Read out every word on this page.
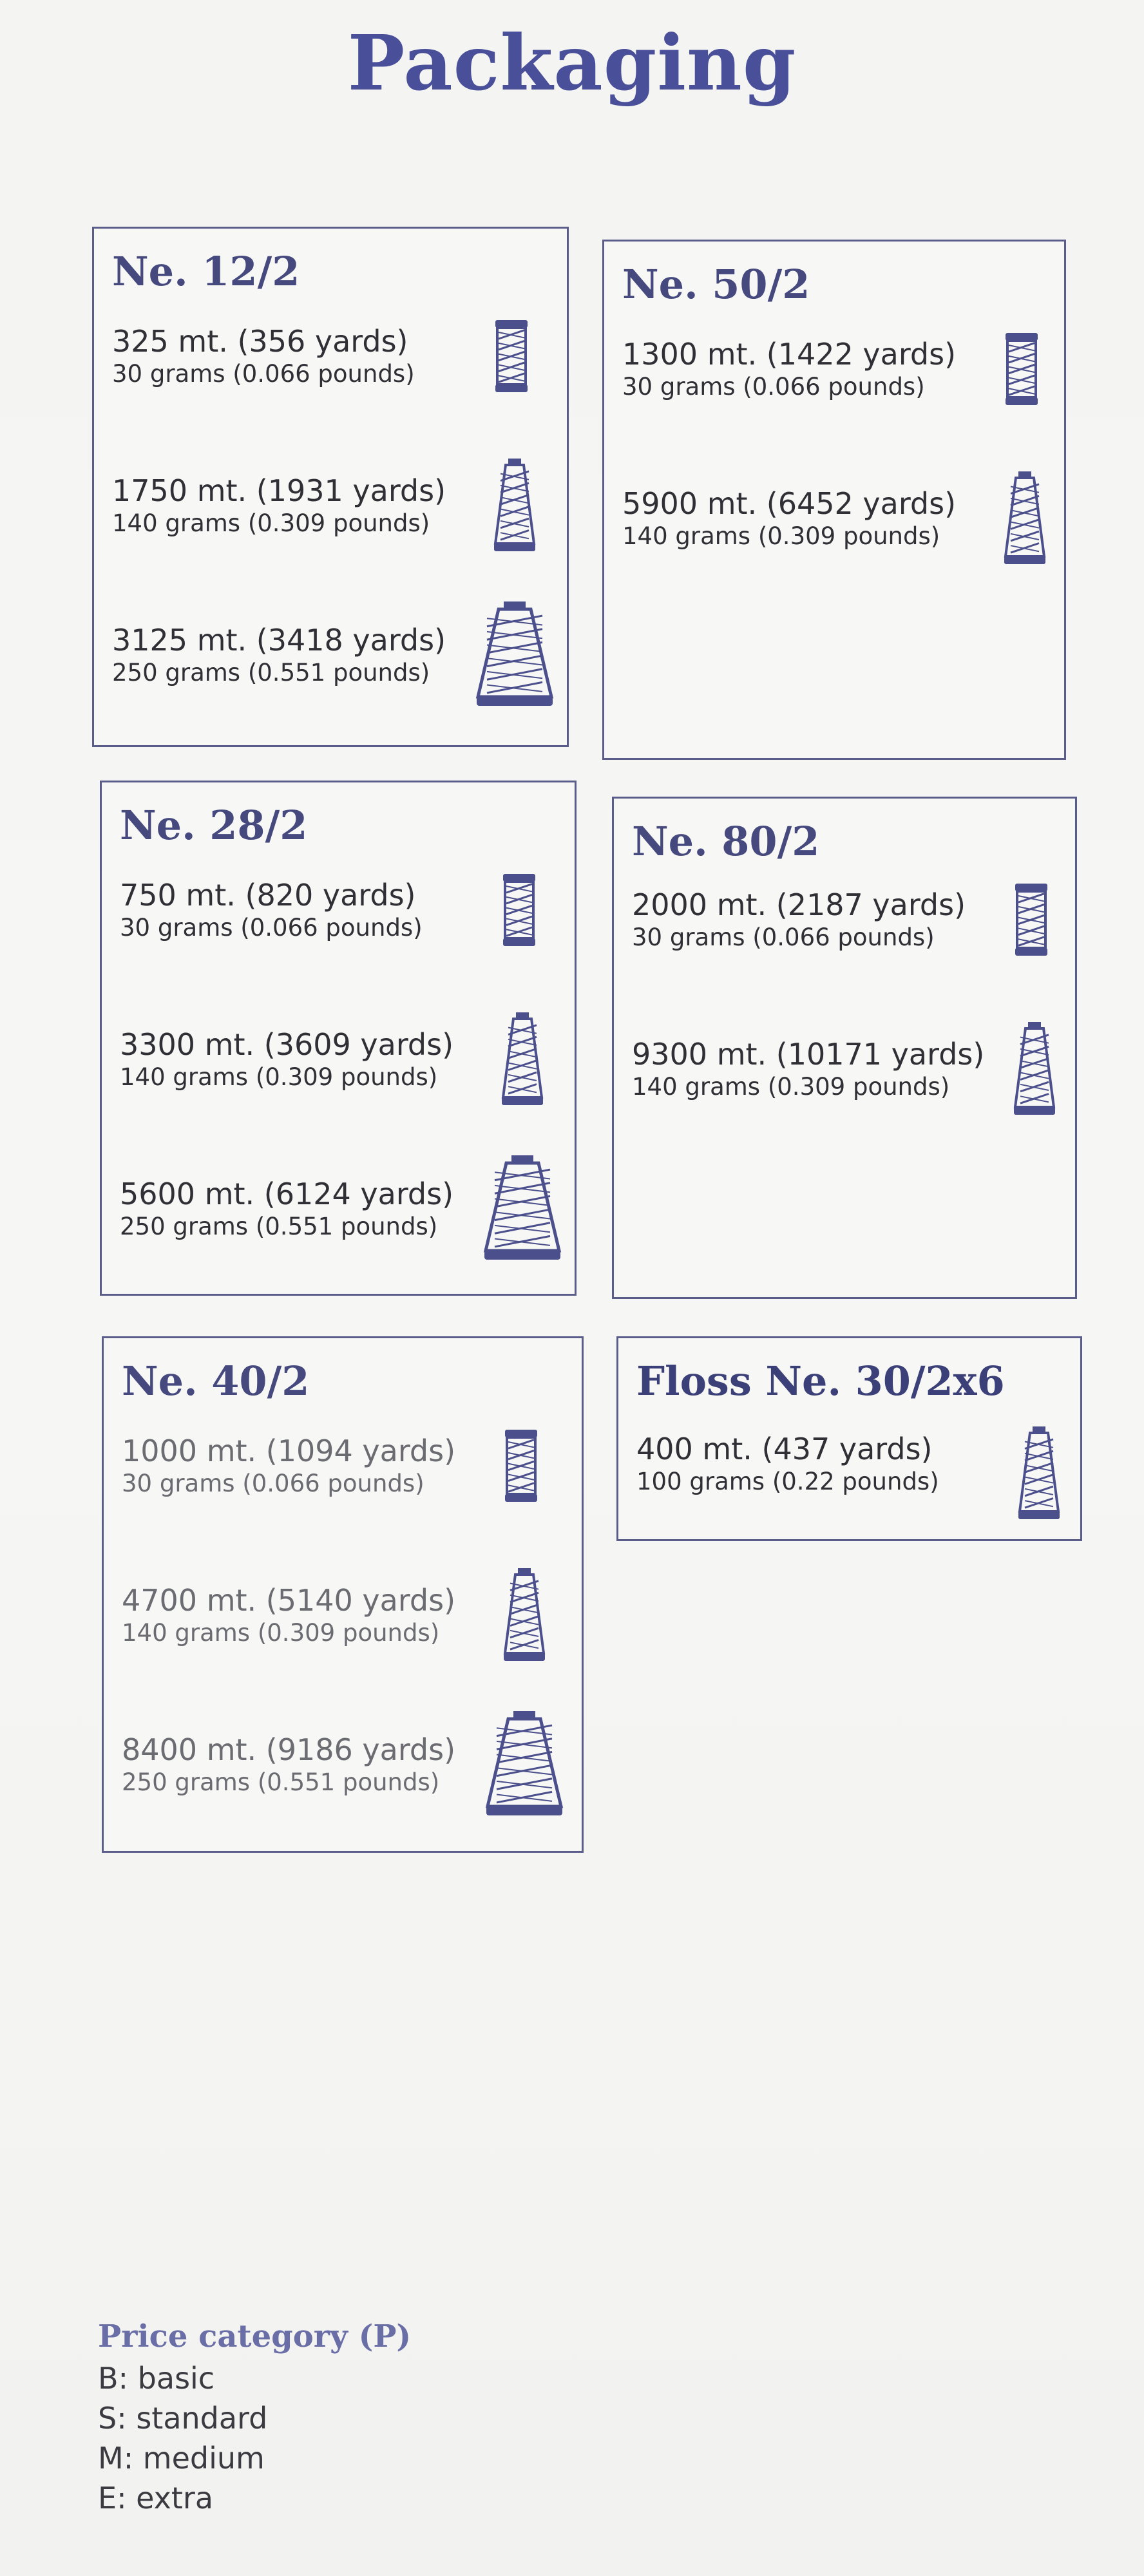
Packaging
Ne. 12/2
325 mt. (356 yards)
30 grams (0.066 pounds)
1750 mt. (1931 yards)
140 grams (0.309 pounds)
3125 mt. (3418 yards)
250 grams (0.551 pounds)
Ne. 50/2
1300 mt. (1422 yards)
30 grams (0.066 pounds)
5900 mt. (6452 yards)
140 grams (0.309 pounds)
Ne. 28/2
750 mt. (820 yards)
30 grams (0.066 pounds)
3300 mt. (3609 yards)
140 grams (0.309 pounds)
5600 mt. (6124 yards)
250 grams (0.551 pounds)
Ne. 80/2
2000 mt. (2187 yards)
30 grams (0.066 pounds)
9300 mt. (10171 yards)
140 grams (0.309 pounds)
Ne. 40/2
1000 mt. (1094 yards)
30 grams (0.066 pounds)
4700 mt. (5140 yards)
140 grams (0.309 pounds)
8400 mt. (9186 yards)
250 grams (0.551 pounds)
Floss Ne. 30/2x6
400 mt. (437 yards)
100 grams (0.22 pounds)
Price category (P)
B: basic
S: standard
M: medium
E: extra
